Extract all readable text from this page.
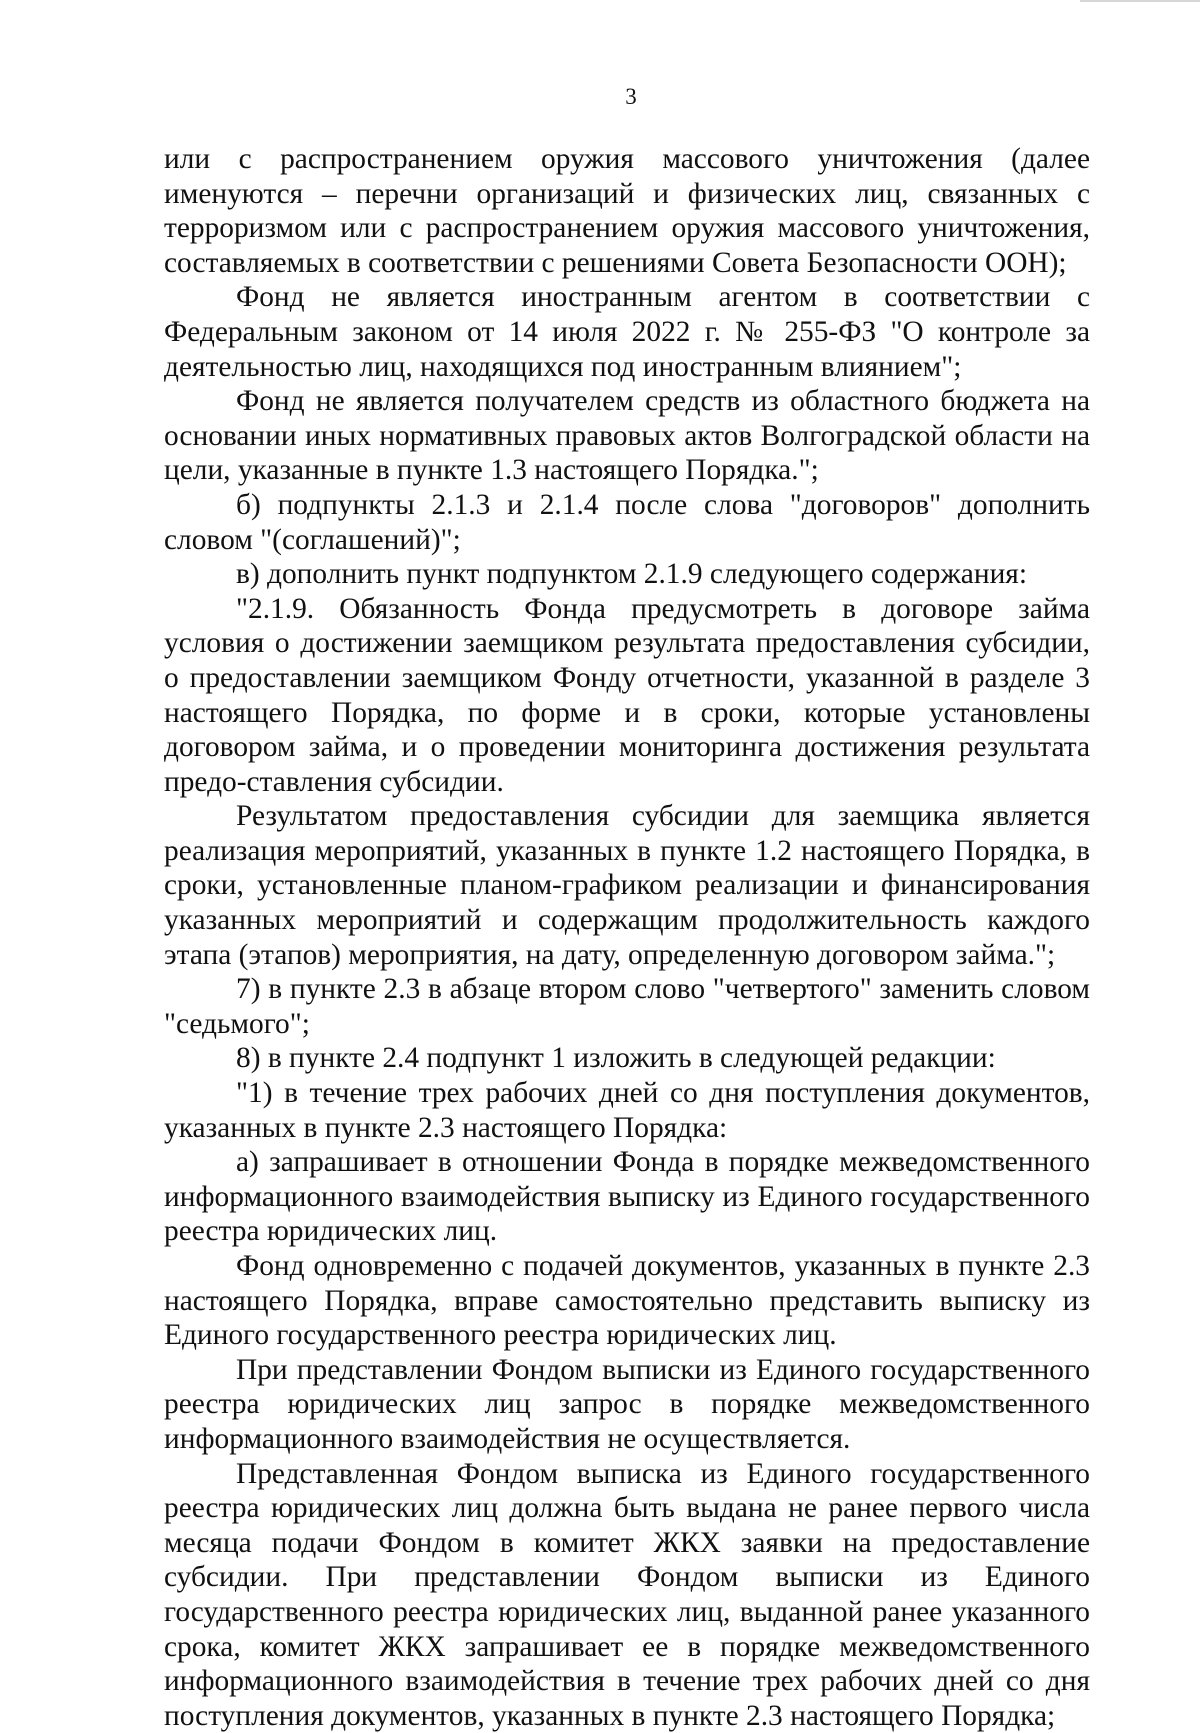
3

или с распространением оружия массового уничтожения (далее именуются – перечни организаций и физических лиц, связанных с терроризмом или с распространением оружия массового уничтожения, составляемых в соответствии с решениями Совета Безопасности ООН);

Фонд не является иностранным агентом в соответствии с Федеральным законом от 14 июля 2022 г. № 255-ФЗ "О контроле за деятельностью лиц, находящихся под иностранным влиянием";

Фонд не является получателем средств из областного бюджета на основании иных нормативных правовых актов Волгоградской области на цели, указанные в пункте 1.3 настоящего Порядка.";

б) подпункты 2.1.3 и 2.1.4 после слова "договоров" дополнить словом "(соглашений)";

в) дополнить пункт подпунктом 2.1.9 следующего содержания:

"2.1.9. Обязанность Фонда предусмотреть в договоре займа условия о достижении заемщиком результата предоставления субсидии, о предоставлении заемщиком Фонду отчетности, указанной в разделе 3 настоящего Порядка, по форме и в сроки, которые установлены договором займа, и о проведении мониторинга достижения результата предо-ставления субсидии.

Результатом предоставления субсидии для заемщика является реализация мероприятий, указанных в пункте 1.2 настоящего Порядка, в сроки, установленные планом-графиком реализации и финансирования указанных мероприятий и содержащим продолжительность каждого этапа (этапов) мероприятия, на дату, определенную договором займа.";

7) в пункте 2.3 в абзаце втором слово "четвертого" заменить словом "седьмого";

8) в пункте 2.4 подпункт 1 изложить в следующей редакции:

"1) в течение трех рабочих дней со дня поступления документов, указанных в пункте 2.3 настоящего Порядка:

а) запрашивает в отношении Фонда в порядке межведомственного информационного взаимодействия выписку из Единого государственного реестра юридических лиц.

Фонд одновременно с подачей документов, указанных в пункте 2.3 настоящего Порядка, вправе самостоятельно представить выписку из Единого государственного реестра юридических лиц.

При представлении Фондом выписки из Единого государственного реестра юридических лиц запрос в порядке межведомственного информационного взаимодействия не осуществляется.

Представленная Фондом выписка из Единого государственного реестра юридических лиц должна быть выдана не ранее первого числа месяца подачи Фондом в комитет ЖКХ заявки на предоставление субсидии. При представлении Фондом выписки из Единого государственного реестра юридических лиц, выданной ранее указанного срока, комитет ЖКХ запрашивает ее в порядке межведомственного информационного взаимодействия в течение трех рабочих дней со дня поступления документов, указанных в пункте 2.3 настоящего Порядка;
